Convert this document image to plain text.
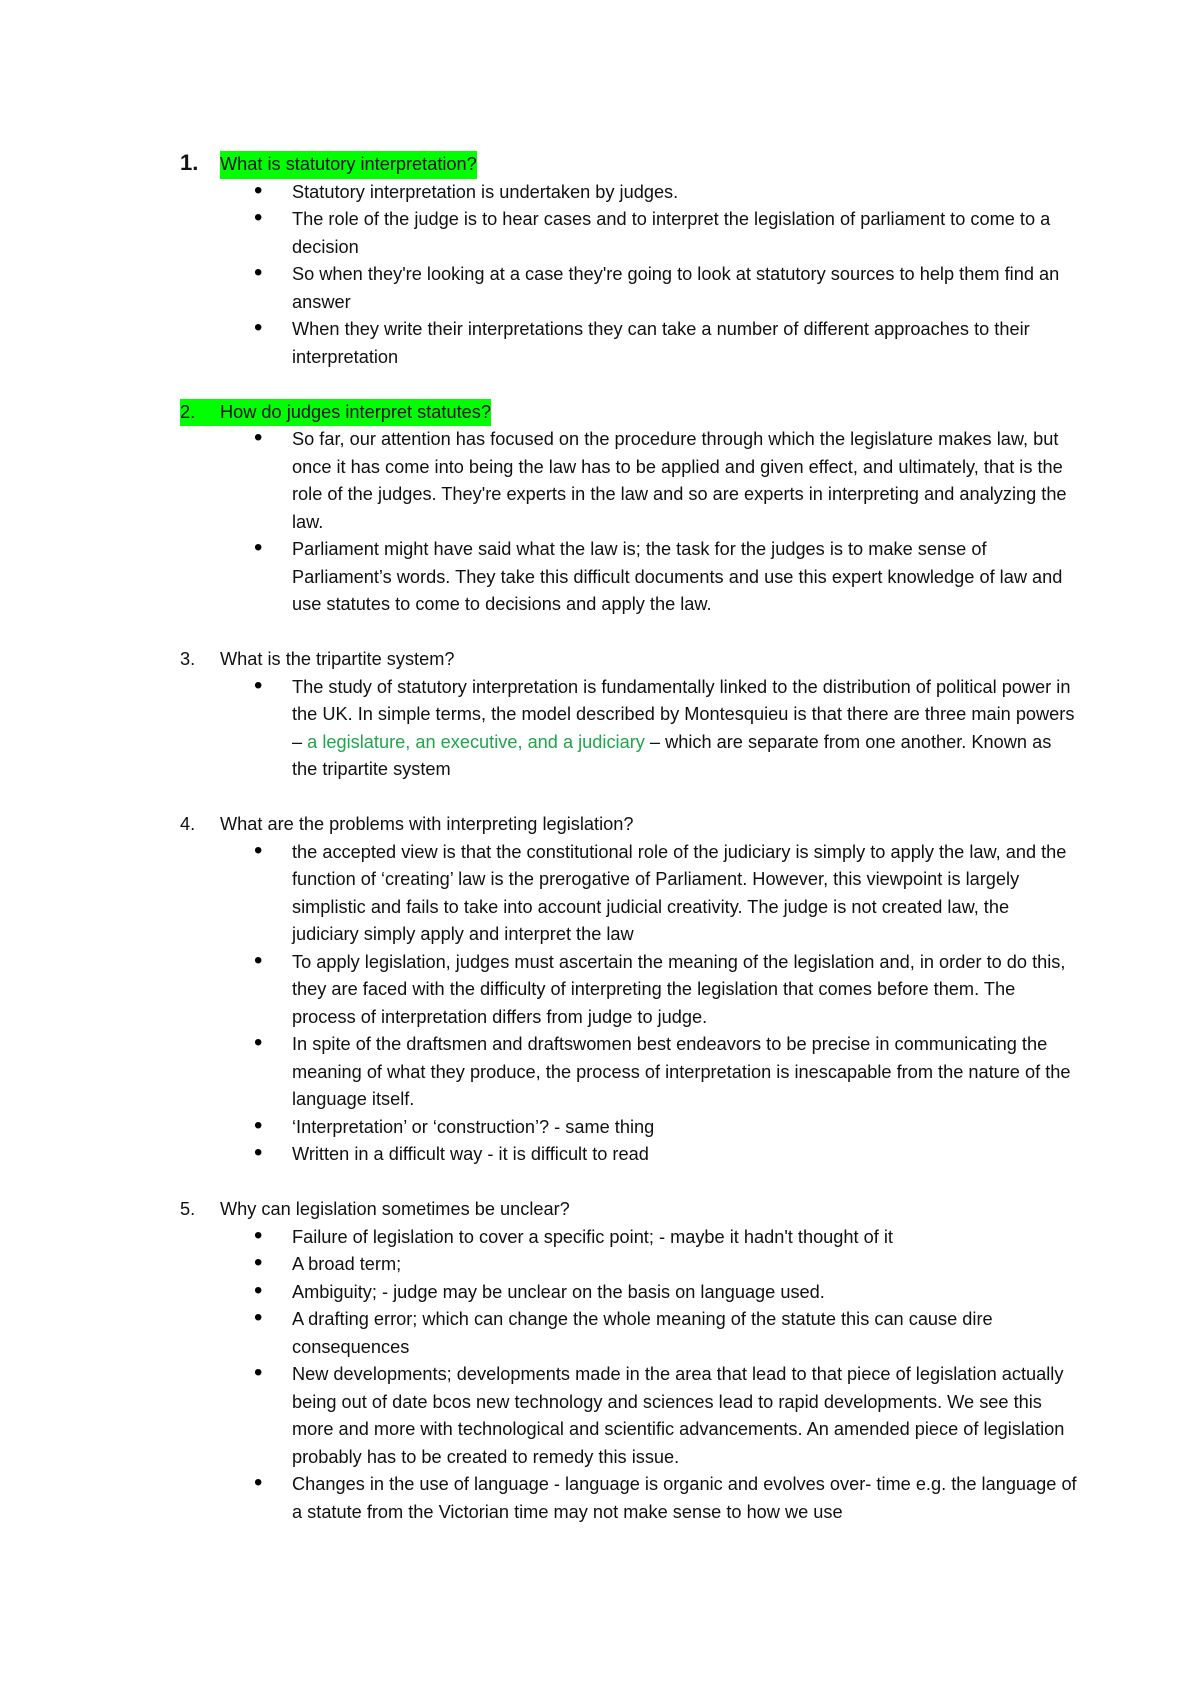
1.	What is statutory interpretation?
• Statutory interpretation is undertaken by judges.
• The role of the judge is to hear cases and to interpret the legislation of parliament to come to a decision
• So when they're looking at a case they're going to look at statutory sources to help them find an answer
• When they write their interpretations they can take a number of different approaches to their interpretation
2.	How do judges interpret statutes?
• So far, our attention has focused on the procedure through which the legislature makes law, but once it has come into being the law has to be applied and given effect, and ultimately, that is the role of the judges. They're experts in the law and so are experts in interpreting and analyzing the law.
• Parliament might have said what the law is; the task for the judges is to make sense of Parliament’s words. They take this difficult documents and use this expert knowledge of law and use statutes to come to decisions and apply the law.
3.	What is the tripartite system?
• The study of statutory interpretation is fundamentally linked to the distribution of political power in the UK. In simple terms, the model described by Montesquieu is that there are three main powers – a legislature, an executive, and a judiciary – which are separate from one another. Known as the tripartite system
4.	What are the problems with interpreting legislation?
• the accepted view is that the constitutional role of the judiciary is simply to apply the law, and the function of ‘creating’ law is the prerogative of Parliament. However, this viewpoint is largely simplistic and fails to take into account judicial creativity. The judge is not created law, the judiciary simply apply and interpret the law
• To apply legislation, judges must ascertain the meaning of the legislation and, in order to do this, they are faced with the difficulty of interpreting the legislation that comes before them. The process of interpretation differs from judge to judge.
• In spite of the draftsmen and draftswomen best endeavors to be precise in communicating the meaning of what they produce, the process of interpretation is inescapable from the nature of the language itself.
• ‘Interpretation’ or ‘construction’? - same thing
• Written in a difficult way - it is difficult to read
5.	Why can legislation sometimes be unclear?
• Failure of legislation to cover a specific point; - maybe it hadn't thought of it
• A broad term;
• Ambiguity; - judge may be unclear on the basis on language used.
• A drafting error; which can change the whole meaning of the statute this can cause dire consequences
• New developments; developments made in the area that lead to that piece of legislation actually being out of date bcos new technology and sciences lead to rapid developments. We see this more and more with technological and scientific advancements. An amended piece of legislation probably has to be created to remedy this issue.
• Changes in the use of language - language is organic and evolves over- time e.g. the language of a statute from the Victorian time may not make sense to how we use
